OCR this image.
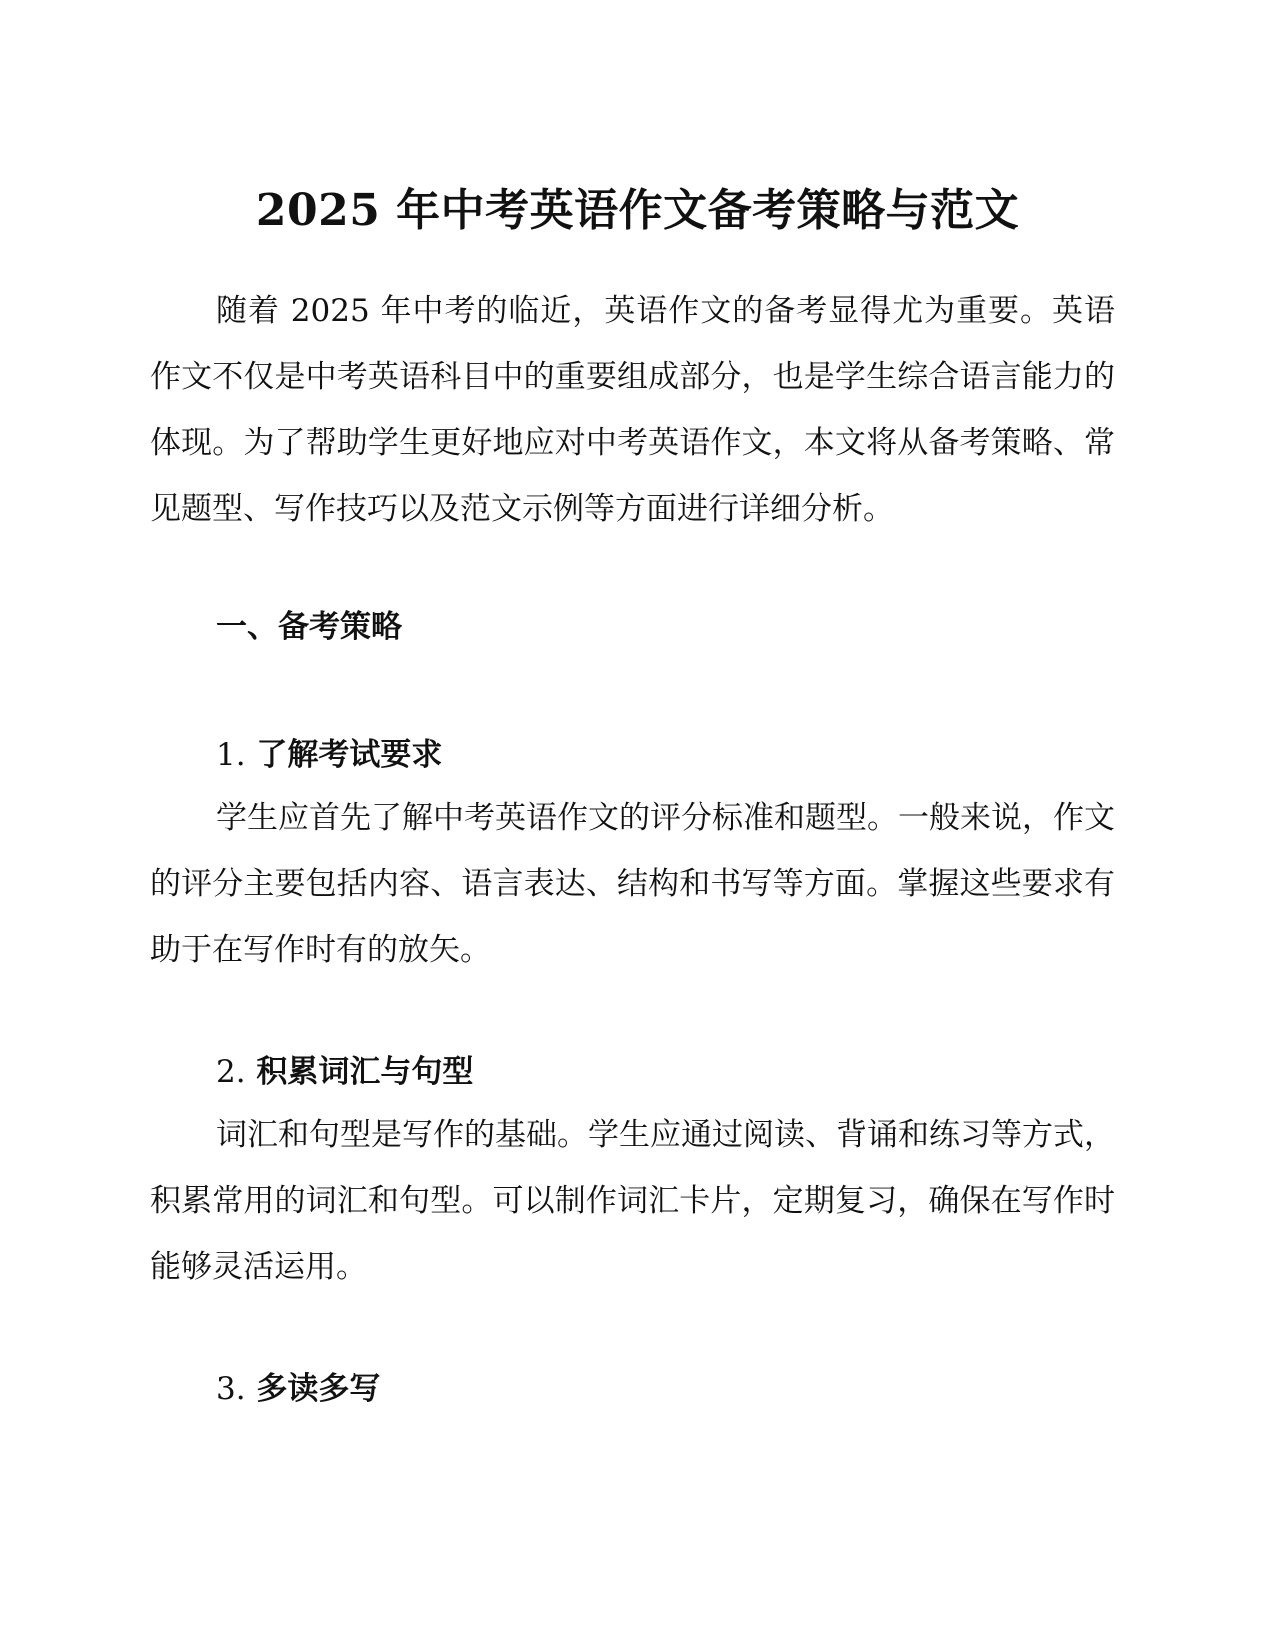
2025 年中考英语作文备考策略与范文

随着 2025 年中考的临近，英语作文的备考显得尤为重要。英语作文不仅是中考英语科目中的重要组成部分，也是学生综合语言能力的体现。为了帮助学生更好地应对中考英语作文，本文将从备考策略、常见题型、写作技巧以及范文示例等方面进行详细分析。

一、备考策略
1. 了解考试要求

学生应首先了解中考英语作文的评分标准和题型。一般来说，作文的评分主要包括内容、语言表达、结构和书写等方面。掌握这些要求有助于在写作时有的放矢。

2. 积累词汇与句型

词汇和句型是写作的基础。学生应通过阅读、背诵和练习等方式，积累常用的词汇和句型。可以制作词汇卡片，定期复习，确保在写作时能够灵活运用。

3. 多读多写
